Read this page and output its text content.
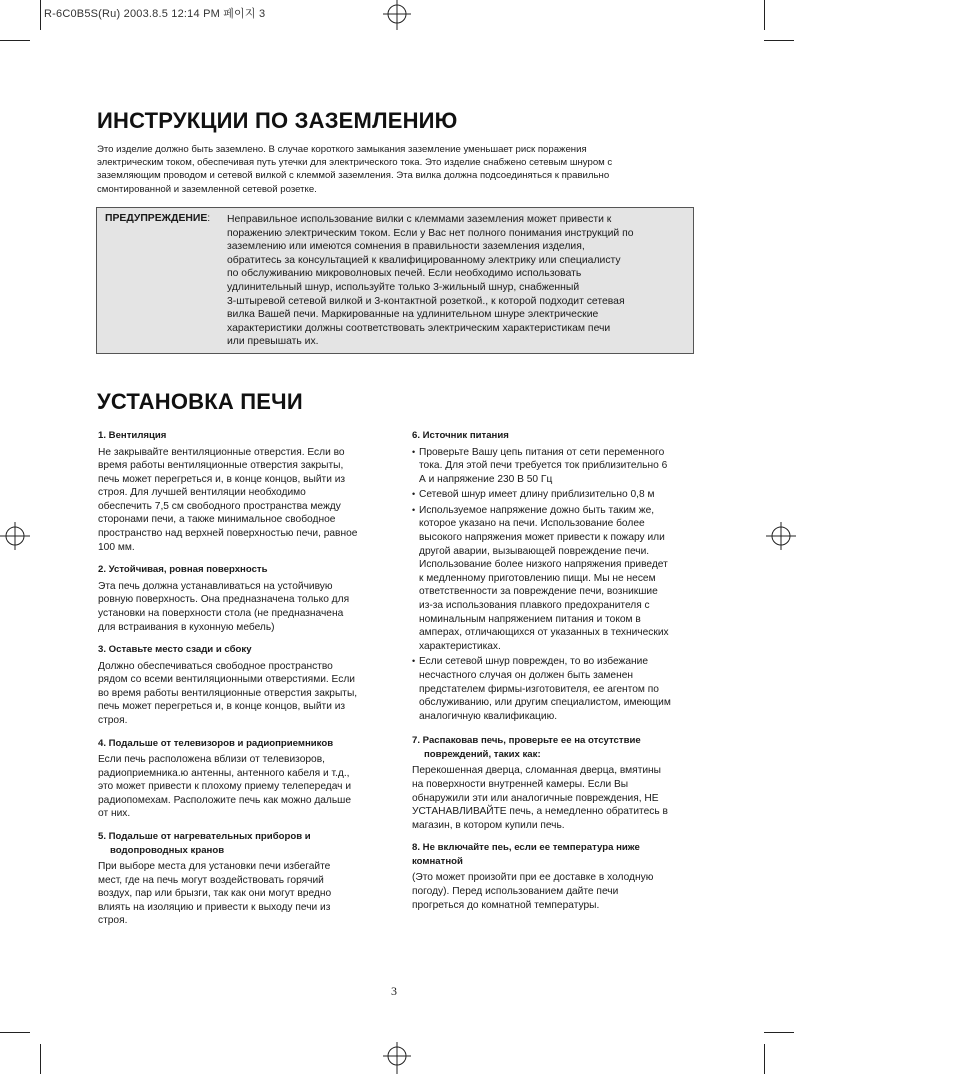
R-6C0B5S(Ru) 2003.8.5 12:14 PM 페이지 3
ИНСТРУКЦИИ ПО ЗАЗЕМЛЕНИЮ

Это изделие должно быть заземлено. В случае короткого замыкания заземление уменьшает риск поражения
электрическим током, обеспечивая путь утечки для электрического тока. Это изделие снабжено сетевым шнуром с
заземляющим проводом и сетевой вилкой с клеммой заземления. Эта вилка должна подсоединяться к правильно
смонтированной и заземленной сетевой розетке.

ПРЕДУПРЕЖДЕНИЕ: Неправильное использование вилки с клеммами заземления может привести к
поражению электрическим током. Если у Вас нет полного понимания инструкций по
заземлению или имеются сомнения в правильности заземления изделия,
обратитесь за консультацией к квалифицированному электрику или специалисту
по обслуживанию микроволновых печей. Если необходимо использовать
удлинительный шнур, используйте только 3-жильный шнур, снабженный
3-штыревой сетевой вилкой и 3-контактной розеткой., к которой подходит сетевая
вилка Вашей печи. Маркированные на удлинительном шнуре электрические
характеристики должны соответствовать электрическим характеристикам печи
или превышать их.

УСТАНОВКА ПЕЧИ

1. Вентиляция

Не закрывайте вентиляционные отверстия. Если во
время работы вентиляционные отверстия закрыты,
печь может перегреться и, в конце концов, выйти из
строя. Для лучшей вентиляции необходимо
обеспечить 7,5 см свободного пространства между
сторонами печи, а также минимальное свободное
пространство над верхней поверхностью печи, равное
100 мм.

2. Устойчивая, ровная поверхность

Эта печь должна устанавливаться на устойчивую
ровную поверхность. Она предназначена только для
установки на поверхности стола (не предназначена
для встраивания в кухонную мебель)

3. Оставьте место сзади и сбоку

Должно обеспечиваться свободное пространство
рядом со всеми вентиляционными отверстиями. Если
во время работы вентиляционные отверстия закрыты,
печь может перегреться и, в конце концов, выйти из
строя.

4. Подальше от телевизоров и радиоприемников

Если печь расположена вблизи от телевизоров,
радиоприемника.ю антенны, антенного кабеля и т.д.,
это может привести к плохому приему телепередач и
радиопомехам. Расположите печь как можно дальше
от них.

5. Подальше от нагревательных приборов и
водопроводных кранов

При выборе места для установки печи избегайте
мест, где на печь могут воздействовать горячий
воздух, пар или брызги, так как они могут вредно
влиять на изоляцию и привести к выходу печи из
строя.

6. Источник питания

• Проверьте Вашу цепь питания от сети переменного
тока. Для этой печи требуется ток приблизительно 6
А и напряжение 230 В 50 Гц
• Сетевой шнур имеет длину приблизительно 0,8 м
• Используемое напряжение дожно быть таким же,
которое указано на печи. Использование более
высокого напряжения может привести к пожару или
другой аварии, вызывающей повреждение печи.
Использование более низкого напряжения приведет
к медленному приготовлению пищи. Мы не несем
ответственности за повреждение печи, возникшие
из-за использования плавкого предохранителя с
номинальным напряжением питания и током в
амперах, отличающихся от указанных в технических
характеристиках.
• Если сетевой шнур поврежден, то во избежание
несчастного случая он должен быть заменен
предстателем фирмы-изготовителя, ее агентом по
обслуживанию, или другим специалистом, имеющим
аналогичную квалификацию.

7. Распаковав печь, проверьте ее на отсутствие
повреждений, таких как:

Перекошенная дверца, сломанная дверца, вмятины
на поверхности внутренней камеры. Если Вы
обнаружили эти или аналогичные повреждения, НЕ
УСТАНАВЛИВАЙТЕ печь, а немедленно обратитесь в
магазин, в котором купили печь.

8. Не включайте пеь, если ее температура ниже
комнатной

(Это может произойти при ее доставке в холодную
погоду). Перед использованием дайте печи
прогреться до комнатной температуры.

3
